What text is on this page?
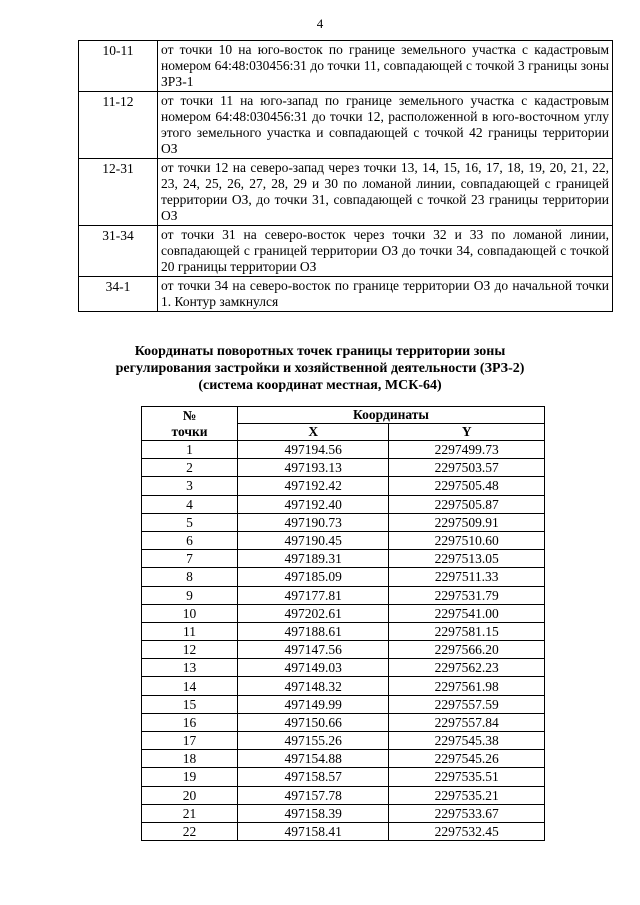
4
10-11	от точки 10 на юго-восток по границе земельного участка с кадастровым номером 64:48:030456:31 до точки 11, совпадающей с точкой 3 границы зоны ЗРЗ-1
11-12	от точки 11 на юго-запад по границе земельного участка с кадастровым номером 64:48:030456:31 до точки 12, расположенной в юго-восточном углу этого земельного участка и совпадающей с точкой 42 границы территории ОЗ
12-31	от точки 12 на северо-запад через точки 13, 14, 15, 16, 17, 18, 19, 20, 21, 22, 23, 24, 25, 26, 27, 28, 29 и 30 по ломаной линии, совпадающей с границей территории ОЗ, до точки 31, совпадающей с точкой 23 границы территории ОЗ
31-34	от точки 31 на северо-восток через точки 32 и 33 по ломаной линии, совпадающей с границей территории ОЗ до точки 34, совпадающей с точкой 20 границы территории ОЗ
34-1	от точки 34 на северо-восток по границе территории ОЗ до начальной точки 1. Контур замкнулся
Координаты поворотных точек границы территории зоны
регулирования застройки и хозяйственной деятельности (ЗРЗ-2)
(система координат местная, МСК-64)
№
точки	Координаты	
	X	Y
1	497194.56	2297499.73
2	497193.13	2297503.57
3	497192.42	2297505.48
4	497192.40	2297505.87
5	497190.73	2297509.91
6	497190.45	2297510.60
7	497189.31	2297513.05
8	497185.09	2297511.33
9	497177.81	2297531.79
10	497202.61	2297541.00
11	497188.61	2297581.15
12	497147.56	2297566.20
13	497149.03	2297562.23
14	497148.32	2297561.98
15	497149.99	2297557.59
16	497150.66	2297557.84
17	497155.26	2297545.38
18	497154.88	2297545.26
19	497158.57	2297535.51
20	497157.78	2297535.21
21	497158.39	2297533.67
22	497158.41	2297532.45
